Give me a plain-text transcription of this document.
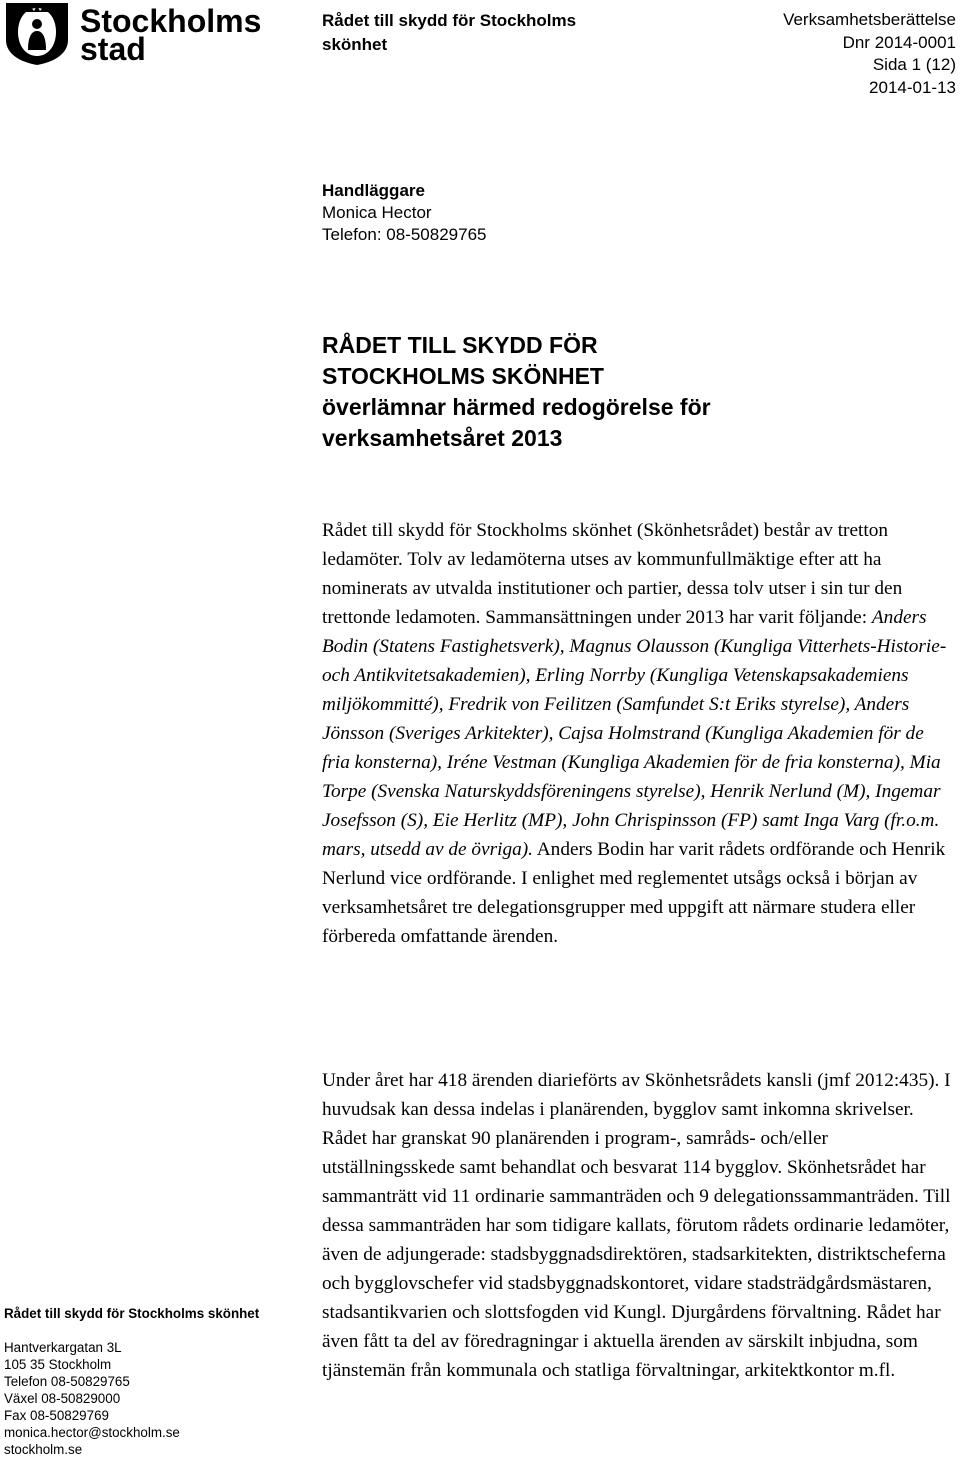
Stockholms
stad
Rådet till skydd för Stockholms
skönhet
Verksamhetsberättelse
Dnr 2014-0001
Sida 1 (12)
2014-01-13
Handläggare
Monica Hector
Telefon: 08-50829765
RÅDET TILL SKYDD FÖR
STOCKHOLMS SKÖNHET
överlämnar härmed redogörelse för
verksamhetsåret 2013

Rådet till skydd för Stockholms skönhet (Skönhetsrådet) består av tretton ledamöter. Tolv av ledamöterna utses av kommunfullmäktige efter att ha nominerats av utvalda institutioner och partier, dessa tolv utser i sin tur den trettonde ledamoten. Sammansättningen under 2013 har varit följande: Anders Bodin (Statens Fastighetsverk), Magnus Olausson (Kungliga Vitterhets-Historie- och Antikvitetsakademien), Erling Norrby (Kungliga Vetenskapsakademiens miljökommitté), Fredrik von Feilitzen (Samfundet S:t Eriks styrelse), Anders Jönsson (Sveriges Arkitekter), Cajsa Holmstrand (Kungliga Akademien för de fria konsterna), Iréne Vestman (Kungliga Akademien för de fria konsterna), Mia Torpe (Svenska Naturskyddsföreningens styrelse), Henrik Nerlund (M), Ingemar Josefsson (S), Eie Herlitz (MP), John Chrispinsson (FP) samt Inga Varg (fr.o.m. mars, utsedd av de övriga). Anders Bodin har varit rådets ordförande och Henrik Nerlund vice ordförande. I enlighet med reglementet utsågs också i början av verksamhetsåret tre delegationsgrupper med uppgift att närmare studera eller förbereda omfattande ärenden.

Under året har 418 ärenden diarieförts av Skönhetsrådets kansli (jmf 2012:435). I huvudsak kan dessa indelas i planärenden, bygglov samt inkomna skrivelser. Rådet har granskat 90 planärenden i program-, samråds- och/eller utställningsskede samt behandlat och besvarat 114 bygglov. Skönhetsrådet har sammanträtt vid 11 ordinarie sammanträden och 9 delegationssammanträden. Till dessa sammanträden har som tidigare kallats, förutom rådets ordinarie ledamöter, även de adjungerade: stadsbyggnadsdirektören, stadsarkitekten, distriktscheferna och bygglovschefer vid stadsbyggnadskontoret, vidare stadsträdgårdsmästaren, stadsantikvarien och slottsfogden vid Kungl. Djurgårdens förvaltning. Rådet har även fått ta del av föredragningar i aktuella ärenden av särskilt inbjudna, som tjänstemän från kommunala och statliga förvaltningar, arkitektkontor m.fl.

Rådet till skydd för Stockholms skönhet
Hantverkargatan 3L
105 35 Stockholm
Telefon 08-50829765
Växel 08-50829000
Fax 08-50829769
monica.hector@stockholm.se
stockholm.se
